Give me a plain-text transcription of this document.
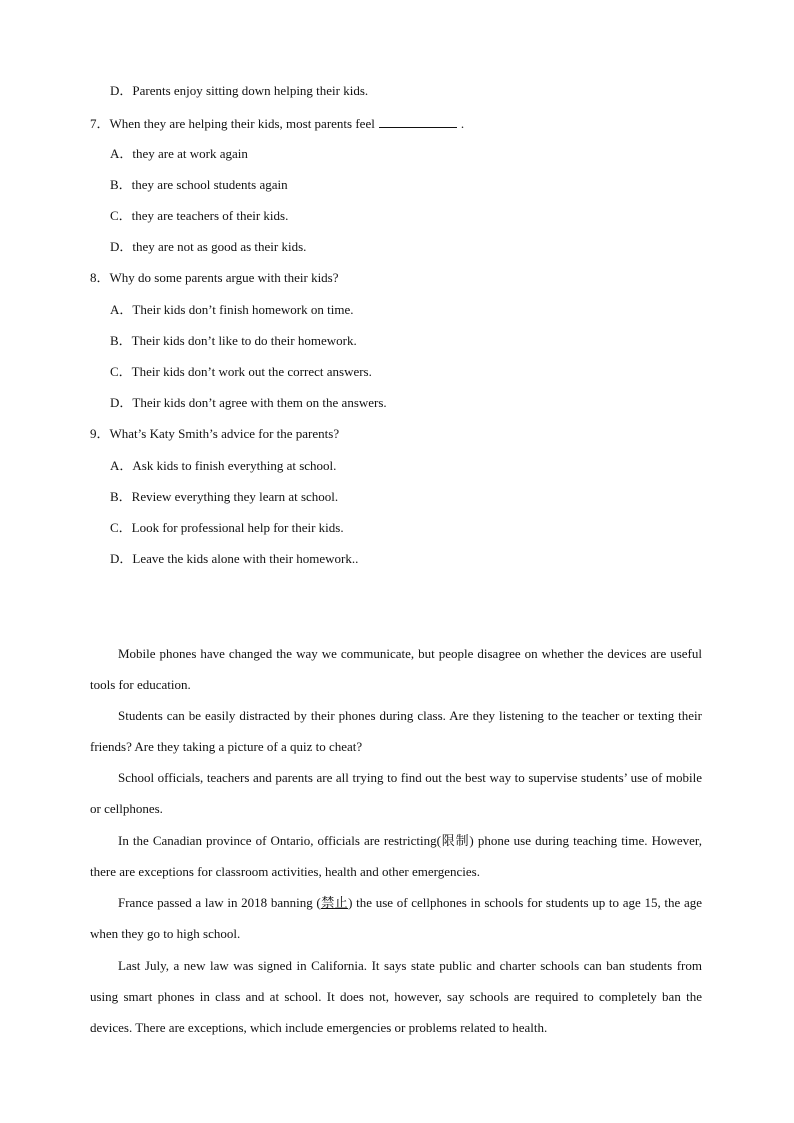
D．Parents enjoy sitting down helping their kids.
7．When they are helping their kids, most parents feel	.
A．they are at work again
B．they are school students again
C．they are teachers of their kids.
D．they are not as good as their kids.
8．Why do some parents argue with their kids?
A．Their kids don’t finish homework on time.
B．Their kids don’t like to do their homework.
C．Their kids don’t work out the correct answers.
D．Their kids don’t agree with them on the answers.
9．What’s Katy Smith’s advice for the parents?
A．Ask kids to finish everything at school.
B．Review everything they learn at school.
C．Look for professional help for their kids.
D．Leave the kids alone with their homework..
Mobile phones have changed the way we communicate, but people disagree on whether the devices are useful tools for education.
Students can be easily distracted by their phones during class. Are they listening to the teacher or texting their friends? Are they taking a picture of a quiz to cheat?
School officials, teachers and parents are all trying to find out the best way to supervise students’ use of mobile or cellphones.
In the Canadian province of Ontario, officials are restricting(限制) phone use during teaching time. However, there are exceptions for classroom activities, health and other emergencies.
France passed a law in 2018 banning (禁止) the use of cellphones in schools for students up to age 15, the age when they go to high school.
Last July, a new law was signed in California. It says state public and charter schools can ban students from using smart phones in class and at school. It does not, however, say schools are required to completely ban the devices. There are exceptions, which include emergencies or problems related to health.
